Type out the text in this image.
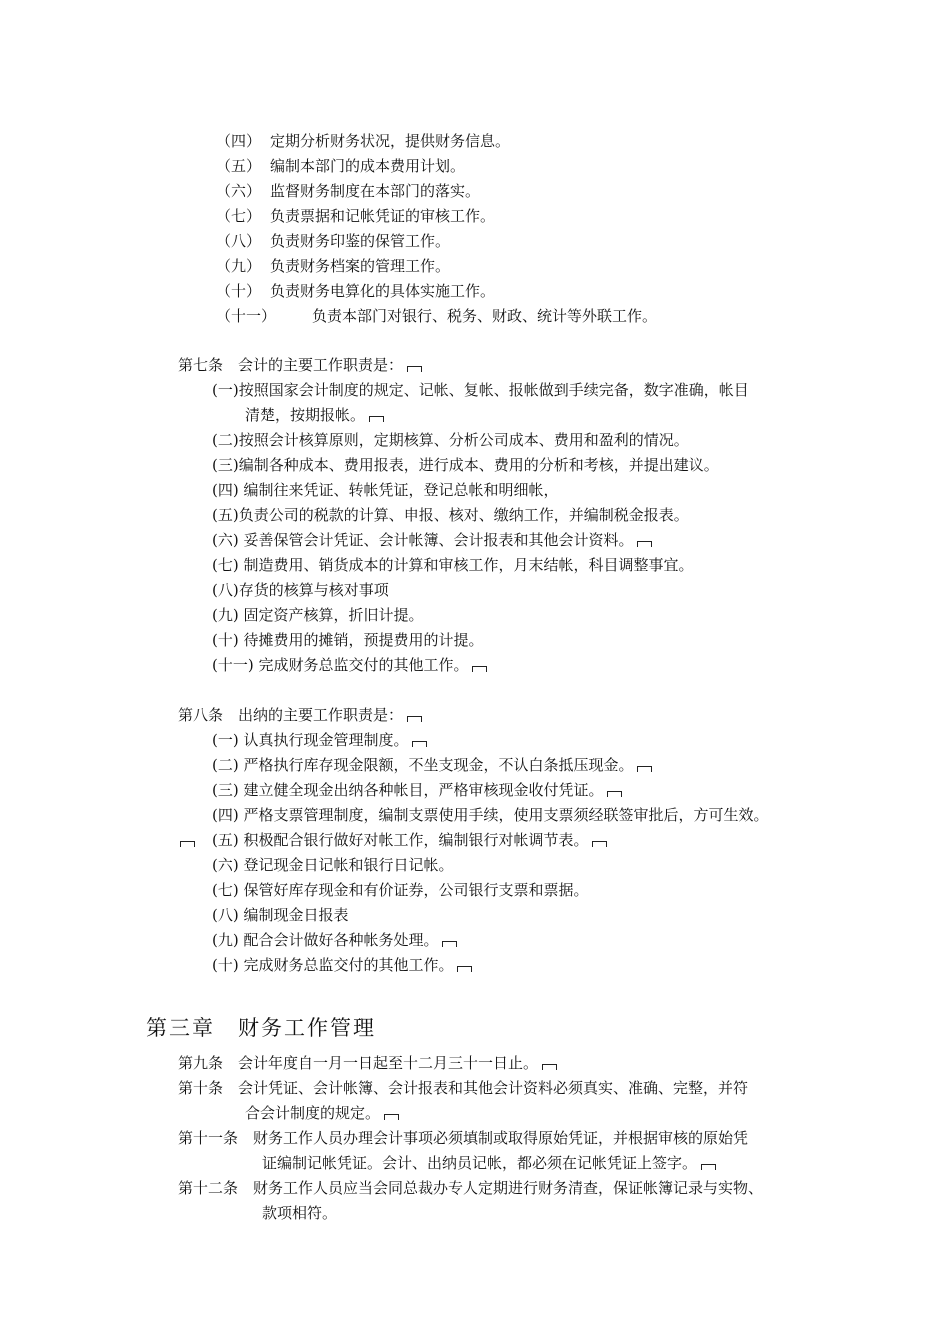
（四） 定期分析财务状况，提供财务信息。
（五） 编制本部门的成本费用计划。
（六） 监督财务制度在本部门的落实。
（七） 负责票据和记帐凭证的审核工作。
（八） 负责财务印鉴的保管工作。
（九） 负责财务档案的管理工作。
（十） 负责财务电算化的具体实施工作。
（十一） 负责本部门对银行、税务、财政、统计等外联工作。
第七条　会计的主要工作职责是：
(一)按照国家会计制度的规定、记帐、复帐、报帐做到手续完备，数字准确，帐目
清楚，按期报帐。
(二)按照会计核算原则，定期核算、分析公司成本、费用和盈利的情况。
(三)编制各种成本、费用报表，进行成本、费用的分析和考核，并提出建议。
(四) 编制往来凭证、转帐凭证，登记总帐和明细帐，
(五)负责公司的税款的计算、申报、核对、缴纳工作，并编制税金报表。
(六) 妥善保管会计凭证、会计帐簿、会计报表和其他会计资料。
(七) 制造费用、销货成本的计算和审核工作，月末结帐，科目调整事宜。
(八)存货的核算与核对事项
(九) 固定资产核算，折旧计提。
(十) 待摊费用的摊销，预提费用的计提。
(十一) 完成财务总监交付的其他工作。
第八条　出纳的主要工作职责是：
(一) 认真执行现金管理制度。
(二) 严格执行库存现金限额，不坐支现金，不认白条抵压现金。
(三) 建立健全现金出纳各种帐目，严格审核现金收付凭证。
(四) 严格支票管理制度，编制支票使用手续，使用支票须经联签审批后，方可生效。
(五) 积极配合银行做好对帐工作，编制银行对帐调节表。
(六) 登记现金日记帐和银行日记帐。
(七) 保管好库存现金和有价证券，公司银行支票和票据。
(八) 编制现金日报表
(九) 配合会计做好各种帐务处理。
(十) 完成财务总监交付的其他工作。
第三章　财务工作管理
第九条　会计年度自一月一日起至十二月三十一日止。
第十条　会计凭证、会计帐簿、会计报表和其他会计资料必须真实、准确、完整，并符
合会计制度的规定。
第十一条　财务工作人员办理会计事项必须填制或取得原始凭证，并根据审核的原始凭
证编制记帐凭证。会计、出纳员记帐，都必须在记帐凭证上签字。
第十二条　财务工作人员应当会同总裁办专人定期进行财务清查，保证帐簿记录与实物、
款项相符。
